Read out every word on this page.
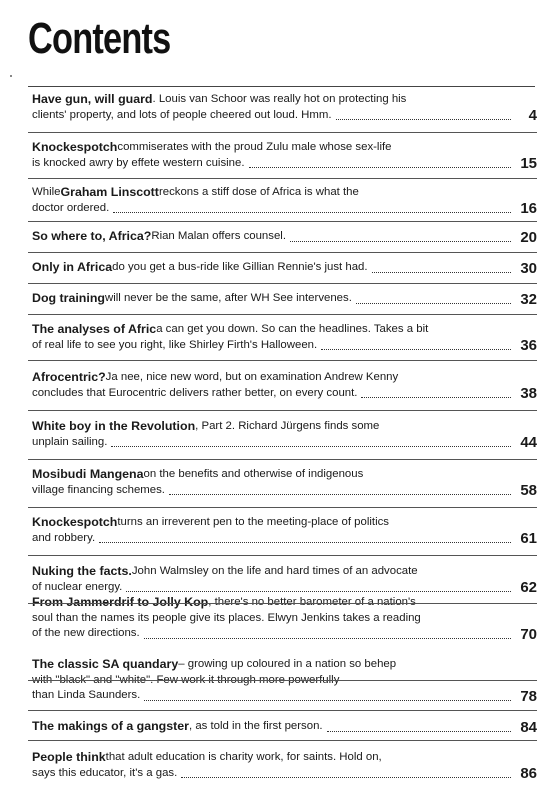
Contents
Have gun, will guard . Louis van Schoor was really hot on protecting his
clients' property, and lots of people cheered out loud. Hmm.	4
Knockespotch commiserates with the proud Zulu male whose sex-life
is knocked awry by effete western cuisine.	15
While Graham Linscott reckons a stiff dose of Africa is what the
doctor ordered.	16
So where to, Africa? Rian Malan offers counsel.	20
Only in Africa do you get a bus-ride like Gillian Rennie's just had.	30
Dog training will never be the same, after WH See intervenes.	32
The analyses of Afric a can get you down. So can the headlines. Takes a bit
of real life to see you right, like Shirley Firth's Halloween.	36
Afrocentric? Ja nee, nice new word, but on examination Andrew Kenny
concludes that Eurocentric delivers rather better, on every count.	38
White boy in the Revolution , Part 2. Richard Jürgens finds some
unplain sailing.	44
Mosibudi Mangena on the benefits and otherwise of indigenous
village financing schemes.	58
Knockespotch turns an irreverent pen to the meeting-place of politics
and robbery.	61
Nuking the facts. John Walmsley on the life and hard times of an advocate
of nuclear energy.	62
From Jammerdrif to Jolly Kop , there's no better barometer of a nation's
soul than the names its people give its places. Elwyn Jenkins takes a reading
of the new directions.	70
The classic SA quandary – growing up coloured in a nation so behep
with "black" and "white". Few work it through more powerfully
than Linda Saunders.	78
The makings of a gangster , as told in the first person.	84
People think that adult education is charity work, for saints. Hold on,
says this educator, it's a gas.	86
